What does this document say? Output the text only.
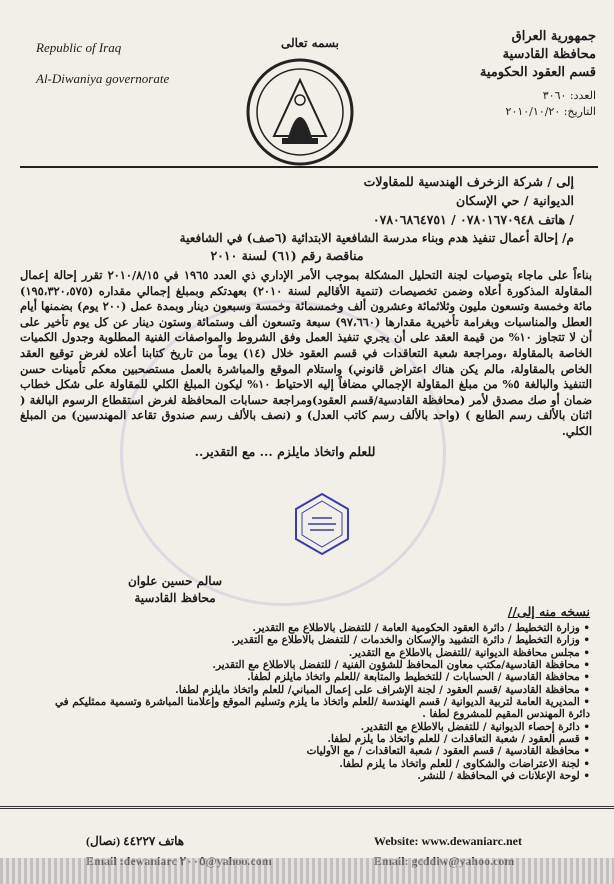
Republic of Iraq
Al-Diwaniya governorate
بسمه تعالى	جمهورية العراق
محافظة القادسية
قسم العقود الحكومية
العدد: ٣٠٦٠
التاريخ: ٢٠١٠/١٠/٢٠
إلى / شركة الزخرف الهندسية للمقاولات
الديوانية / حي الإسكان
/ هاتف ٠٧٨٠١٦٧٠٩٤٨ / ٠٧٨٠٦٨٦٤٧٥١
م/ إحالة أعمال تنفيذ هدم وبناء مدرسة الشافعية الابتدائية (٦صف) في الشافعية
مناقصة رقم (٦١) لسنة ٢٠١٠
بناءاً على ماجاء بتوصيات لجنة التحليل المشكلة بموجب الأمر الإداري ذي العدد ١٩٦٥ في ٢٠١٠/٨/١٥ تقرر إحالة إعمال المقاولة المذكورة أعلاه وضمن تخصيصات (تنمية الأقاليم لسنة ٢٠١٠) بعهدتكم وبمبلغ إجمالي مقداره (١٩٥،٣٢٠،٥٧٥) مائة وخمسة وتسعون مليون وثلاثمائة وعشرون ألف وخمسمائة وخمسة وسبعون دينار وبمدة عمل (٢٠٠ يوم) بضمنها أيام العطل والمناسبات وبغرامة تأخيرية مقدارها (٩٧،٦٦٠) سبعة وتسعون ألف وستمائة وستون دينار عن كل يوم تأخير على أن لا تتجاوز ١٠% من قيمة العقد على أن يجري تنفيذ العمل وفق الشروط والمواصفات الفنية المطلوبة وجدول الكميات الخاصة بالمقاولة ،ومراجعة شعبة التعاقدات في قسم العقود خلال (١٤) يوماً من تاريخ كتابنا أعلاه لغرض توقيع العقد الخاص بالمقاولة، مالم يكن هناك اعتراض قانوني) واستلام الموقع والمباشرة بالعمل مستصحبين معكم تأمينات حسن التنفيذ والبالغة ٥% من مبلغ المقاولة الإجمالي مضافاً إليه الاحتياط ١٠% ليكون المبلغ الكلي للمقاولة على شكل خطاب ضمان أو صك مصدق لأمر (محافظة القادسية/قسم العقود)ومراجعة حسابات المحافظة لغرض استقطاع الرسوم البالغة ( اثنان بالألف رسم الطابع ) (واحد بالألف رسم كاتب العدل) و (نصف بالألف رسم صندوق تقاعد المهندسين) من المبلغ الكلي.
للعلم واتخاذ مايلزم ... مع التقدير..
سالم حسين علوان
محافظ القادسية
نسخه منه إلى//
• وزارة التخطيط / دائرة العقود الحكومية العامة / للتفضل بالاطلاع مع التقدير.
• وزارة التخطيط / دائرة التشييد والإسكان والخدمات / للتفضل بالاطلاع مع التقدير.
• مجلس محافظة الديوانية /للتفضل بالاطلاع مع التقدير.
• محافظة القادسية/مكتب معاون المحافظ للشؤون الفنية / للتفضل بالاطلاع مع التقدير.
• محافظة القادسية / الحسابات / للتخطيط والمتابعة /للعلم واتخاذ مايلزم لطفا.
• محافظة القادسية /قسم العقود / لجنة الإشراف على إعمال المباني/ للعلم واتخاذ مايلزم لطفا.
• المديرية العامة لتربية الديوانية / قسم الهندسة /للعلم واتخاذ ما يلزم وتسليم الموقع وإعلامنا المباشرة وتسمية ممثليكم في دائرة المهندس المقيم للمشروع لطفا .
• دائرة إحصاء الديوانية / للتفضل بالاطلاع مع التقدير.
• قسم العقود / شعبة التعاقدات / للعلم واتخاذ ما يلزم لطفا.
• محافظة القادسية / قسم العقود / شعبة التعاقدات / مع الأوليات
• لجنة الاعتراضات والشكاوى / للعلم واتخاذ ما يلزم لطفا.
• لوحة الإعلانات في المحافظة / للنشر.
هاتف ٤٤٢٢٧ (نصال)	Website: www.dewaniarc.net
